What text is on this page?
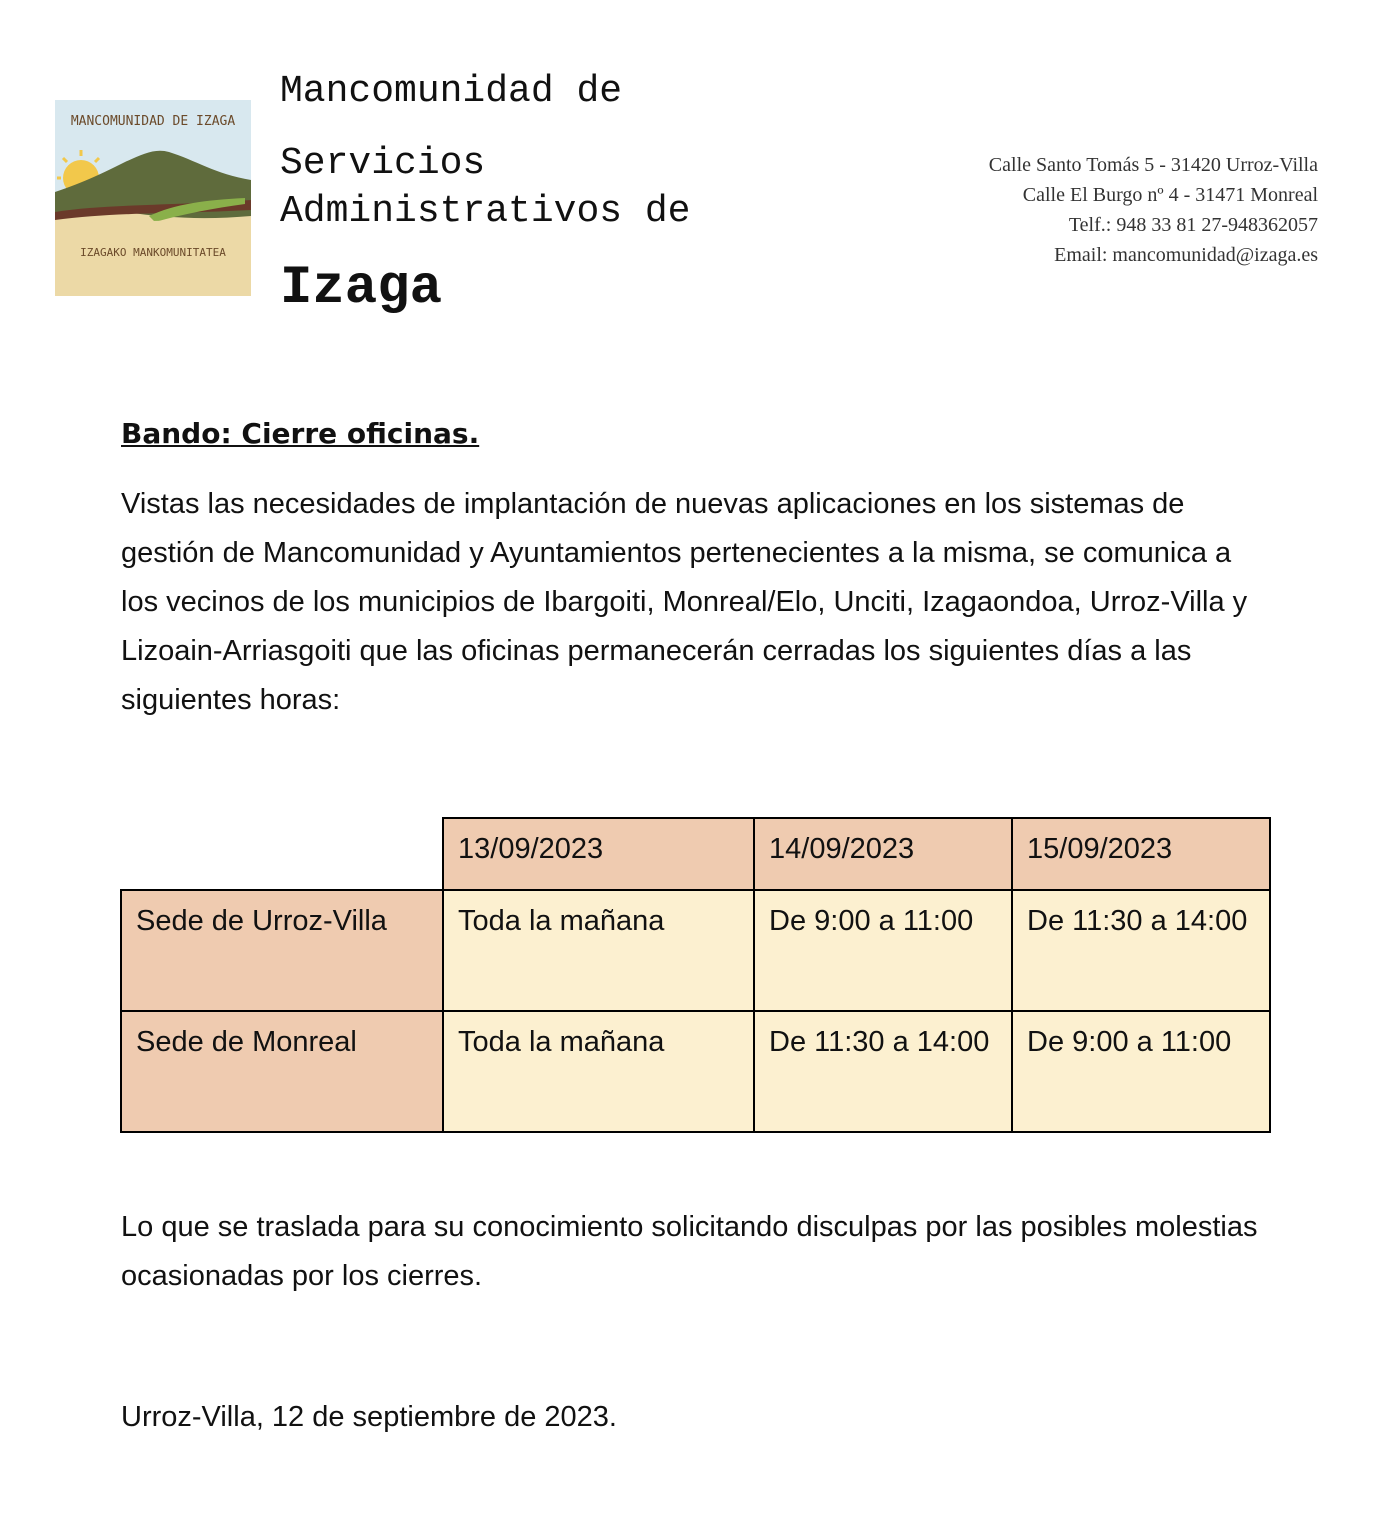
MANCOMUNIDAD DE IZAGA
IZAGAKO MANKOMUNITATEA
Mancomunidad de
Servicios
Administrativos de
Izaga
Calle Santo Tomás 5 - 31420 Urroz-Villa
Calle El Burgo nº 4 - 31471 Monreal
Telf.: 948 33 81 27-948362057
Email: mancomunidad@izaga.es
Bando: Cierre oficinas.
Vistas las necesidades de implantación de nuevas aplicaciones en los sistemas de gestión de Mancomunidad y Ayuntamientos pertenecientes a la misma, se comunica a los vecinos de los municipios de Ibargoiti, Monreal/Elo, Unciti, Izagaondoa, Urroz-Villa y Lizoain-Arriasgoiti que las oficinas permanecerán cerradas los siguientes días a las siguientes horas:
	13/09/2023	14/09/2023	15/09/2023
Sede de Urroz-Villa	Toda la mañana	De 9:00 a 11:00	De 11:30 a 14:00
Sede de Monreal	Toda la mañana	De 11:30 a 14:00	De 9:00 a 11:00
Lo que se traslada para su conocimiento solicitando disculpas por las posibles molestias ocasionadas por los cierres.
Urroz-Villa, 12 de septiembre de 2023.
